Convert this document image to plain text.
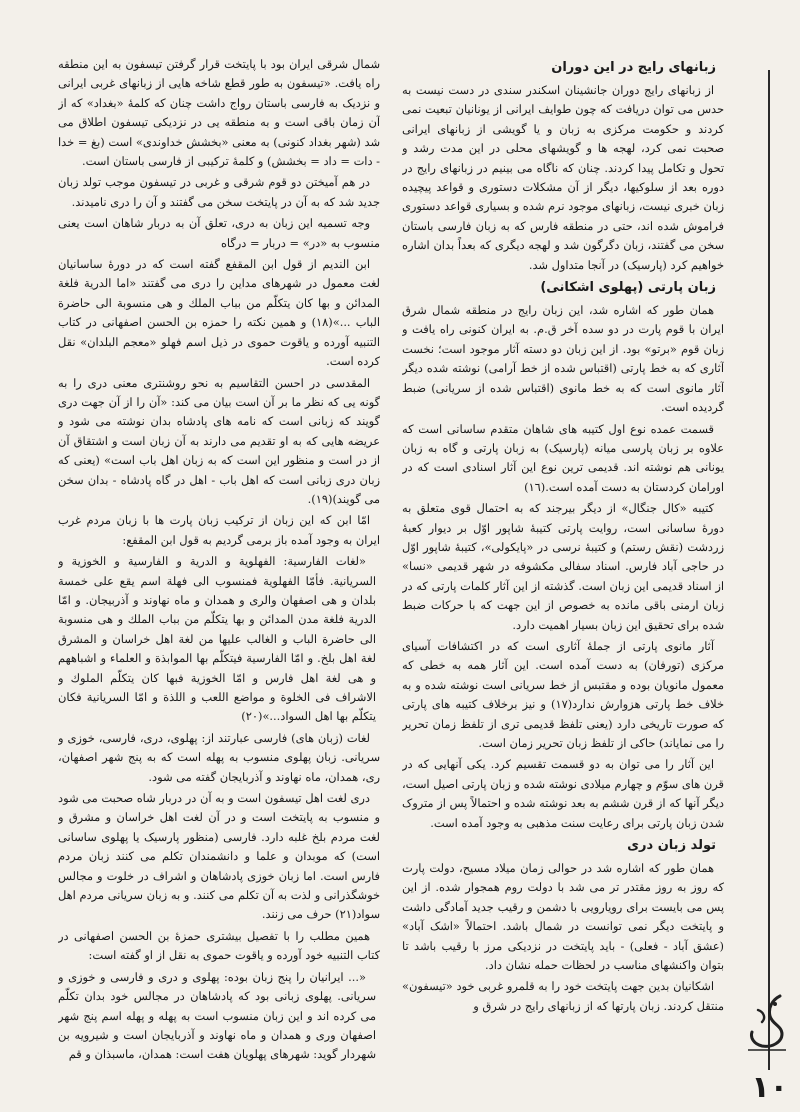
١٠
زبانهای رایج در این دوران

از زبانهای رایج دوران جانشینان اسکندر سندی در دست نیست به حدس می توان دریافت که چون طوایف ایرانی از یونانیان تبعیت نمی کردند و حکومت مرکزی به زبان و یا گویشی از زبانهای ایرانی صحبت نمی کرد، لهجه ها و گویشهای محلی در این مدت رشد و تحول و تکامل پیدا کردند. چنان که ناگاه می بینیم در زبانهای رایج در دوره بعد از سلوکیها، دیگر از آن مشکلات دستوری و قواعد پیچیده زبان خبری نیست، زبانهای موجود نرم شده و بسیاری قواعد دستوری فراموش شده اند، حتی در منطقه فارس که به زبان فارسی باستان سخن می گفتند، زبان دگرگون شد و لهجه دیگری که بعداً بدان اشاره خواهیم کرد (پارسیک) در آنجا متداول شد.

زبان پارتی (پهلوی اشکانی)

همان طور که اشاره شد، این زبان رایج در منطقه شمال شرق ایران با قوم پارت در دو سده آخر ق.م. به ایران کنونی راه یافت و زبان قوم «برتو» بود. از این زبان دو دسته آثار موجود است؛ نخست آثاری که به خط پارتی (اقتباس شده از خط آرامی) نوشته شده دیگر آثار مانوی است که به خط مانوی (اقتباس شده از سریانی) ضبط گردیده است.

قسمت عمده نوع اول کتیبه های شاهان متقدم ساسانی است که علاوه بر زبان پارسی میانه (پارسیک) به زبان پارتی و گاه به زبان یونانی هم نوشته اند. قدیمی ترین نوع این آثار اسنادی است که در اورامان کردستان به دست آمده است.(١٦)

کتیبه «کال جنگال» از دیگر بیرجند که به احتمال قوی متعلق به دورهٔ ساسانی است، روایت پارتی کتیبهٔ شاپور اوّل بر دیوار کعبهٔ زردشت (نقش رستم) و کتیبهٔ نرسی در «پایکولی»، کتیبهٔ شاپور اوّل در حاجی آباد فارس. اسناد سفالی مکشوفه در شهر قدیمی «نسا» از اسناد قدیمی این زبان است. گذشته از این آثار کلمات پارتی که در زبان ارمنی باقی مانده به خصوص از این جهت که با حرکات ضبط شده برای تحقیق این زبان بسیار اهمیت دارد.

آثار مانوی پارتی از جملهٔ آثاری است که در اکتشافات آسیای مرکزی (تورفان) به دست آمده است. این آثار همه به خطی که معمول مانویان بوده و مقتبس از خط سریانی است نوشته شده و به خلاف خط پارتی هزوارش ندارد(١٧) و نیز برخلاف کتیبه های پارتی که صورت تاریخی دارد (یعنی تلفظ قدیمی تری از تلفظ زمان تحریر را می نمایاند) حاکی از تلفظ زبان تحریر زمان است.

این آثار را می توان به دو قسمت تقسیم کرد. یکی آنهایی که در قرن های سوّم و چهارم میلادی نوشته شده و زبان پارتی اصیل است، دیگر آنها که از قرن ششم به بعد نوشته شده و احتمالاً پس از متروک شدن زبان پارتی برای رعایت سنت مذهبی به وجود آمده است.

تولد زبان دری

همان طور که اشاره شد در حوالی زمان میلاد مسیح، دولت پارت که روز به روز مقتدر تر می شد با دولت روم همجوار شده. از این پس می بایست برای رویارویی با دشمن و رقیب جدید آمادگی داشت و پایتخت دیگر نمی توانست در شمال باشد. احتمالاً «اشک آباد» (عشق آباد - فعلی) - باید پایتخت در نزدیکی مرز با رقیب باشد تا بتوان واکنشهای مناسب در لحظات حمله نشان داد.

اشکانیان بدین جهت پایتخت خود را به قلمرو غربی خود «تیسفون» منتقل کردند. زبان پارتها که از زبانهای رایج در شرق و

شمال شرقی ایران بود با پایتخت قرار گرفتن تیسفون به این منطقه راه یافت. «تیسفون به طور قطع شاخه هایی از زبانهای غربی ایرانی و نزدیک به فارسی باستان رواج داشت چنان که کلمهٔ «بغداد» که از آن زمان باقی است و به منطقه یی در نزدیکی تیسفون اطلاق می شد (شهر بغداد کنونی) به معنی «بخشش خداوندی» است (بغ = خدا - دات = داد = بخشش) و کلمهٔ ترکیبی از فارسی باستان است.

در هم آمیختن دو قوم شرقی و غربی در تیسفون موجب تولد زبان جدید شد که به آن در پایتخت سخن می گفتند و آن را دری نامیدند.

وجه تسمیه این زبان به دری، تعلق آن به دربار شاهان است یعنی منسوب به «در» = دربار = درگاه

ابن الندیم از قول ابن المقفع گفته است که در دورهٔ ساسانیان لغت معمول در شهرهای مداین را دری می گفتند «اما الدرية فلغة المدائن و بها كان يتكلّم من بباب الملك و هى منسوبة الى حاضرة الباب ...»(١٨) و همین نکته را حمزه بن الحسن اصفهانی در کتاب التنبیه آورده و یاقوت حموی در ذیل اسم فهلو «معجم البلدان» نقل کرده است.

المقدسی در احسن التقاسیم به نحو روشنتری معنی دری را به گونه یی که نظر ما بر آن است بیان می کند: «آن را از آن جهت دری گویند که زبانی است که نامه های پادشاه بدان نوشته می شود و عریضه هایی که به او تقدیم می دارند به آن زبان است و اشتقاق آن از در است و منظور این است که به زبان اهل باب است» (یعنی که زبان دری زبانی است که اهل باب - اهل در گاه پادشاه - بدان سخن می گویند)(١٩).

امّا ابن که این زبان از ترکیب زبان پارت ها با زبان مردم غرب ایران به وجود آمده باز برمی گردیم به قول ابن المقفع:

«لغات الفارسية: الفهلوية و الدرية و الفارسية و الخوزية و السريانية. فأمّا الفهلوية فمنسوب الى فهلة اسم يقع على خمسة بلدان و هى اصفهان والرى و همدان و ماه نهاوند و آذربيجان. و امّا الدرية فلغة مدن المدائن و بها يتكلّم من بباب الملك و هى منسوبة الى حاضرة الباب و الغالب عليها من لغة اهل خراسان و المشرق لغة اهل بلخ. و امّا الفارسية فيتكلّم بها الموابذة و العلماء و اشباههم و هى لغة اهل فارس و امّا الخوزية فبها كان يتكلّم الملوك و الاشراف فى الخلوة و مواضع اللعب و اللذة و امّا السريانية فكان يتكلّم بها اهل السواد...»(٢٠)

لغات (زبان های) فارسی عبارتند از: پهلوی، دری، فارسی، خوزی و سریانی. زبان پهلوی منسوب به پهله است که به پنج شهر اصفهان، ری، همدان، ماه نهاوند و آذربایجان گفته می شود.

دری لغت اهل تیسفون است و به آن در دربار شاه صحبت می شود و منسوب به پایتخت است و در آن لغت اهل خراسان و مشرق و لغت مردم بلخ غلبه دارد. فارسی (منظور پارسیک یا پهلوی ساسانی است) که موبدان و علما و دانشمندان تکلم می کنند زبان مردم فارس است. اما زبان خوزی پادشاهان و اشراف در خلوت و مجالس خوشگذرانی و لذت به آن تکلم می کنند. و به زبان سریانی مردم اهل سواد(٢١) حرف می زنند.

همین مطلب را با تفصیل بیشتری حمزهٔ بن الحسن اصفهانی در کتاب التنبیه خود آورده و یاقوت حموی به نقل از او گفته است:

«... ایرانیان را پنج زبان بوده: پهلوی و دری و فارسی و خوزی و سریانی. پهلوی زبانی بود که پادشاهان در مجالس خود بدان تکلّم می کرده اند و این زبان منسوب است به پهله و پهله اسم پنج شهر اصفهان وری و همدان و ماه نهاوند و آذربایجان است و شیرویه بن شهردار گوید: شهرهای پهلویان هفت است: همدان، ماسبذان و قم
